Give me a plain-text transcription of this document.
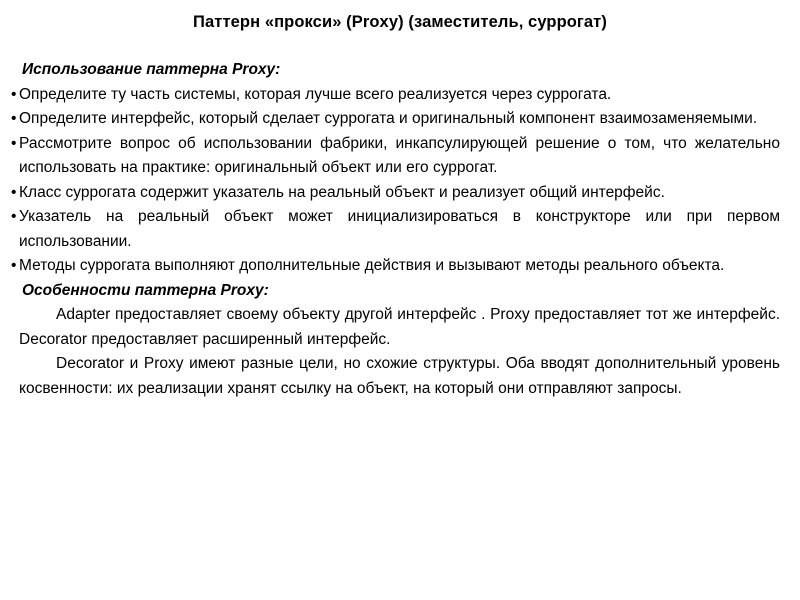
Паттерн «прокси» (Proxy) (заместитель, суррогат)
Использование паттерна Proxy:
• Определите ту часть системы, которая лучше всего реализуется через суррогата.
• Определите интерфейс, который сделает суррогата и оригинальный компонент взаимозаменяемыми.
• Рассмотрите вопрос об использовании фабрики, инкапсулирующей решение о том, что желательно использовать на практике: оригинальный объект или его суррогат.
• Класс суррогата содержит указатель на реальный объект и реализует общий интерфейс.
• Указатель на реальный объект может инициализироваться в конструкторе или при первом использовании.
• Методы суррогата выполняют дополнительные действия и вызывают методы реального объекта.
Особенности паттерна Proxy:

Adapter предоставляет своему объекту другой интерфейс . Proxy предоставляет тот же интерфейс. Decorator предоставляет расширенный интерфейс.

Decorator и Proxy имеют разные цели, но схожие структуры. Оба вводят дополнительный уровень косвенности: их реализации хранят ссылку на объект, на который они отправляют запросы.
